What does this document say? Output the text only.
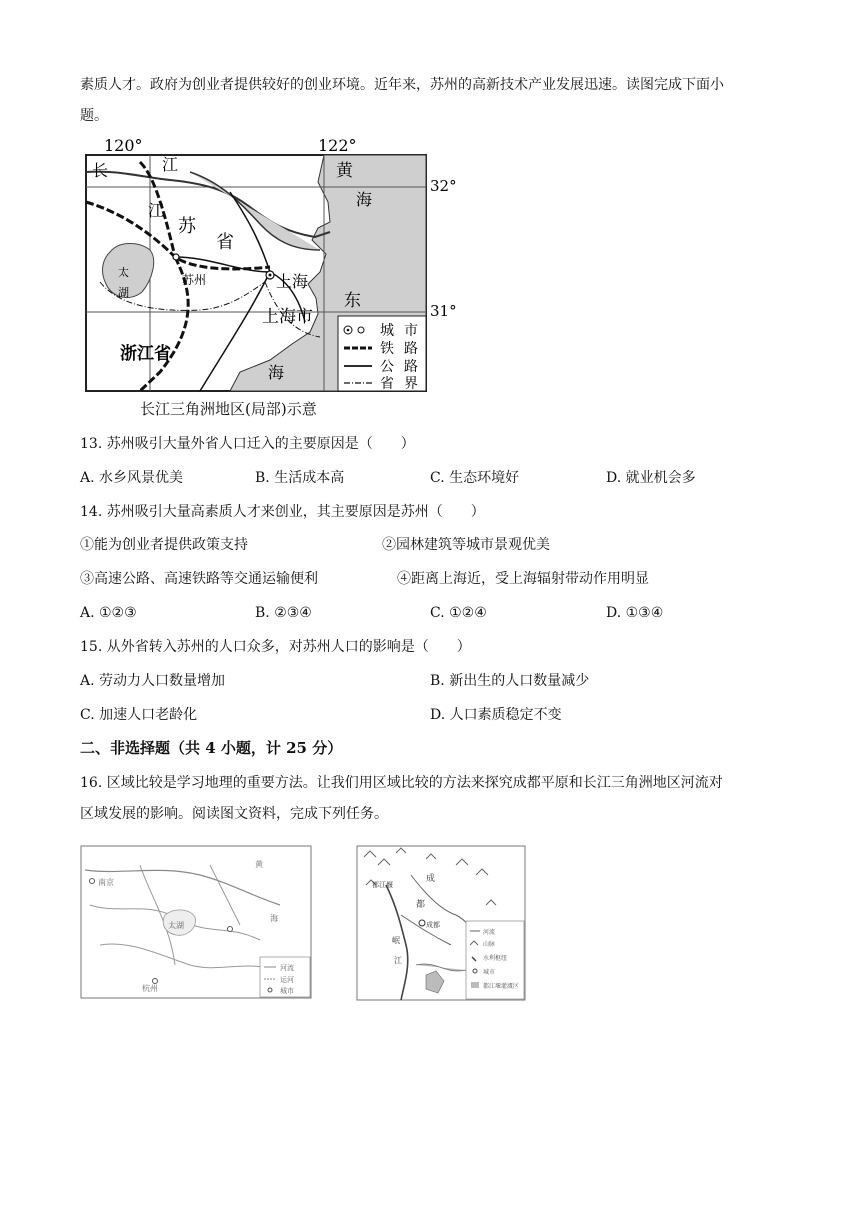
素质人才。政府为创业者提供较好的创业环境。近年来，苏州的高新技术产业发展迅速。读图完成下面小
题。
120°	122°
长	江
江
苏
省
黄
海
太
湖
苏州	上海
东
上海市
浙江省
海
城 市
铁 路
公 路
省 界
32°
31°
长江三角洲地区(局部)示意
13. 苏州吸引大量外省人口迁入的主要原因是（　　）
A. 水乡风景优美	B. 生活成本高	C. 生态环境好	D. 就业机会多
14. 苏州吸引大量高素质人才来创业，其主要原因是苏州（　　）
①能为创业者提供政策支持	②园林建筑等城市景观优美
③高速公路、高速铁路等交通运输便利	④距离上海近，受上海辐射带动作用明显
A. ①②③	B. ②③④	C. ①②④	D. ①③④
15. 从外省转入苏州的人口众多，对苏州人口的影响是（　　）
A. 劳动力人口数量增加	B. 新出生的人口数量减少
C. 加速人口老龄化	D. 人口素质稳定不变
二、非选择题（共 4 小题，计 25 分）
16. 区域比较是学习地理的重要方法。让我们用区域比较的方法来探究成都平原和长江三角洲地区河流对
区域发展的影响。阅读图文资料，完成下列任务。
南京
太湖
杭州
黄
海
河流
运河
城市
成
都
成都
都江堰
岷
江
河流
山脉
水利枢纽
城市
都江堰灌溉区
